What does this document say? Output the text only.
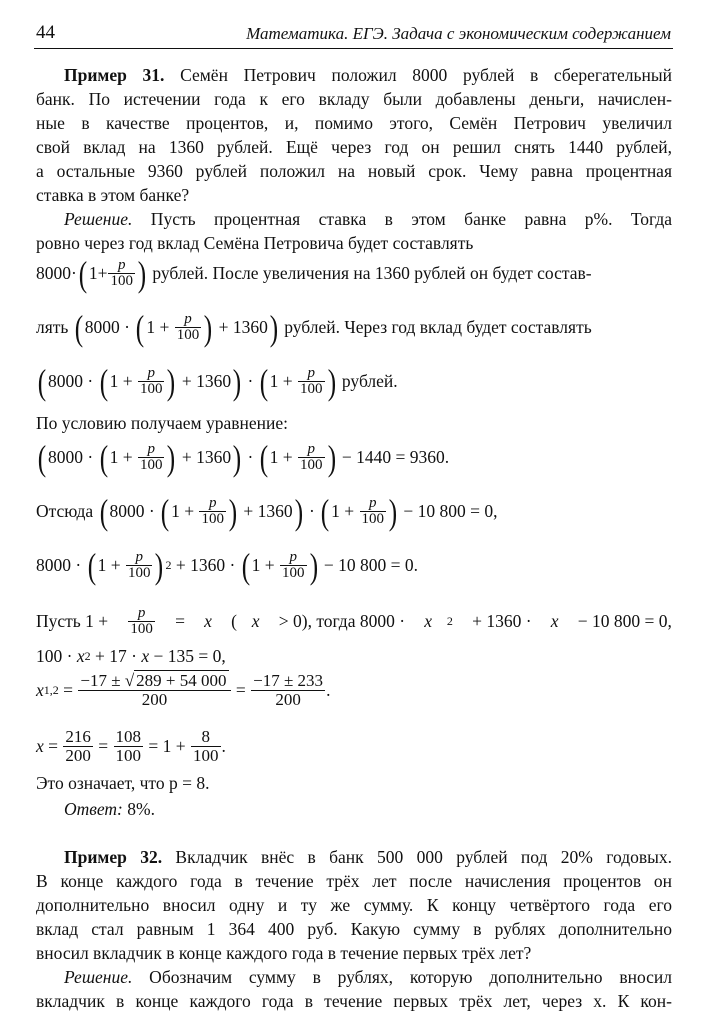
44	Математика. ЕГЭ. Задача с экономическим содержанием
Пример 31. Семён Петрович положил 8000 рублей в сберегательный
банк. По истечении года к его вкладу были добавлены деньги, начислен-
ные в качестве процентов, и, помимо этого, Семён Петрович увеличил
свой вклад на 1360 рублей. Ещё через год он решил снять 1440 рублей,
а остальные 9360 рублей положил на новый срок. Чему равна процентная
ставка в этом банке?
Решение. Пусть процентная ставка в этом банке равна p%. Тогда
ровно через год вклад Семёна Петровича будет составлять
8000· ( $1+ \frac{p}{100}$ ) рублей. После увеличения на 1360 рублей он будет состав-
лять ( 8000 · ( $1 + \frac{p}{100}$ ) + 1360 ) рублей. Через год вклад будет составлять
( 8000 · ( $1 + \frac{p}{100}$ ) + 1360 ) · ( $1 + \frac{p}{100}$ ) рублей.
По условию получаем уравнение:
( 8000 · ( $1 + \frac{p}{100}$ ) + 1360 ) · ( $1 + \frac{p}{100}$ ) − 1440 = 9360.
Отсюда ( 8000 · ( $1 + \frac{p}{100}$ ) + 1360 ) · ( $1 + \frac{p}{100}$ ) − 10 800 = 0,
8000 · ( $1 + \frac{p}{100}$ ) 2 + 1360 · ( $1 + \frac{p}{100}$ ) − 10 800 = 0.
Пусть $1 + \frac{p}{100} = x$ ( x > 0), тогда 8000 · x 2 + 1360 · x − 10 800 = 0,
100 · x 2 + 17 · x − 135 = 0,
x $1,2 = \frac{-17 \pm √ 289 + 54 000}{200} = \frac{-17 \pm 233}{200}$ .
$x = \frac{216}{200} = \frac{108}{100} = 1 + \frac{8}{100}$ .
Это означает, что p = 8.
Ответ: 8%.
Пример 32. Вкладчик внёс в банк 500 000 рублей под 20% годовых.
В конце каждого года в течение трёх лет после начисления процентов он
дополнительно вносил одну и ту же сумму. К концу четвёртого года его
вклад стал равным 1 364 400 руб. Какую сумму в рублях дополнительно
вносил вкладчик в конце каждого года в течение первых трёх лет?
Решение. Обозначим сумму в рублях, которую дополнительно вносил
вкладчик в конце каждого года в течение первых трёх лет, через x. К кон-
